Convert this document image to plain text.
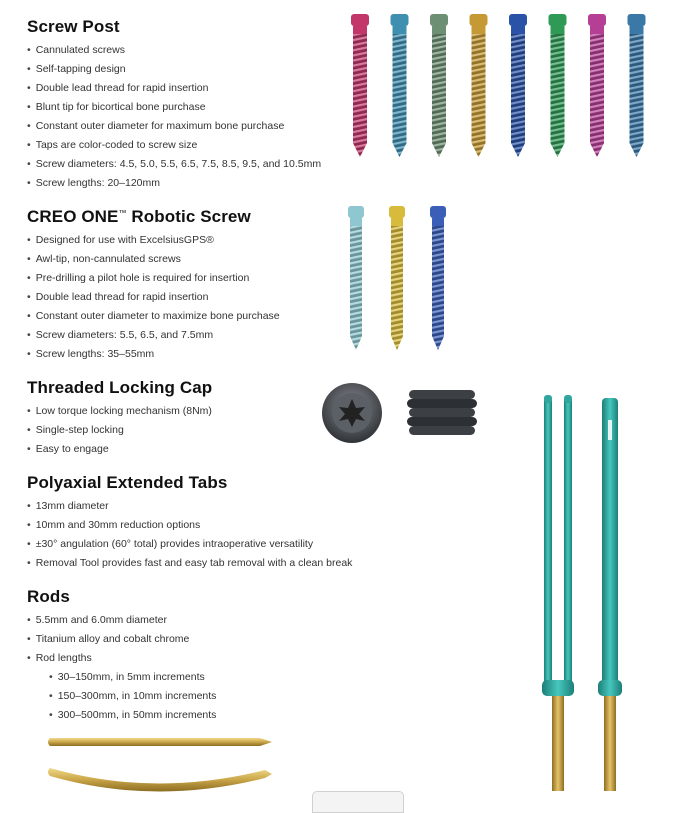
Screw Post
• Cannulated screws
• Self-tapping design
• Double lead thread for rapid insertion
• Blunt tip for bicortical bone purchase
• Constant outer diameter for maximum bone purchase
• Taps are color-coded to screw size
• Screw diameters: 4.5, 5.0, 5.5, 6.5, 7.5, 8.5, 9.5, and 10.5mm
• Screw lengths: 20–120mm
CREO ONE™ Robotic Screw
• Designed for use with ExcelsiusGPS®
• Awl-tip, non-cannulated screws
• Pre-drilling a pilot hole is required for insertion
• Double lead thread for rapid insertion
• Constant outer diameter to maximize bone purchase
• Screw diameters: 5.5, 6.5, and 7.5mm
• Screw lengths: 35–55mm
Threaded Locking Cap
• Low torque locking mechanism (8Nm)
• Single-step locking
• Easy to engage
Polyaxial Extended Tabs
• 13mm diameter
• 10mm and 30mm reduction options
• ±30° angulation (60° total) provides intraoperative versatility
• Removal Tool provides fast and easy tab removal with a clean break
Rods
• 5.5mm and 6.0mm diameter
• Titanium alloy and cobalt chrome
• Rod lengths
• 30–150mm, in 5mm increments
• 150–300mm, in 10mm increments
• 300–500mm, in 50mm increments
